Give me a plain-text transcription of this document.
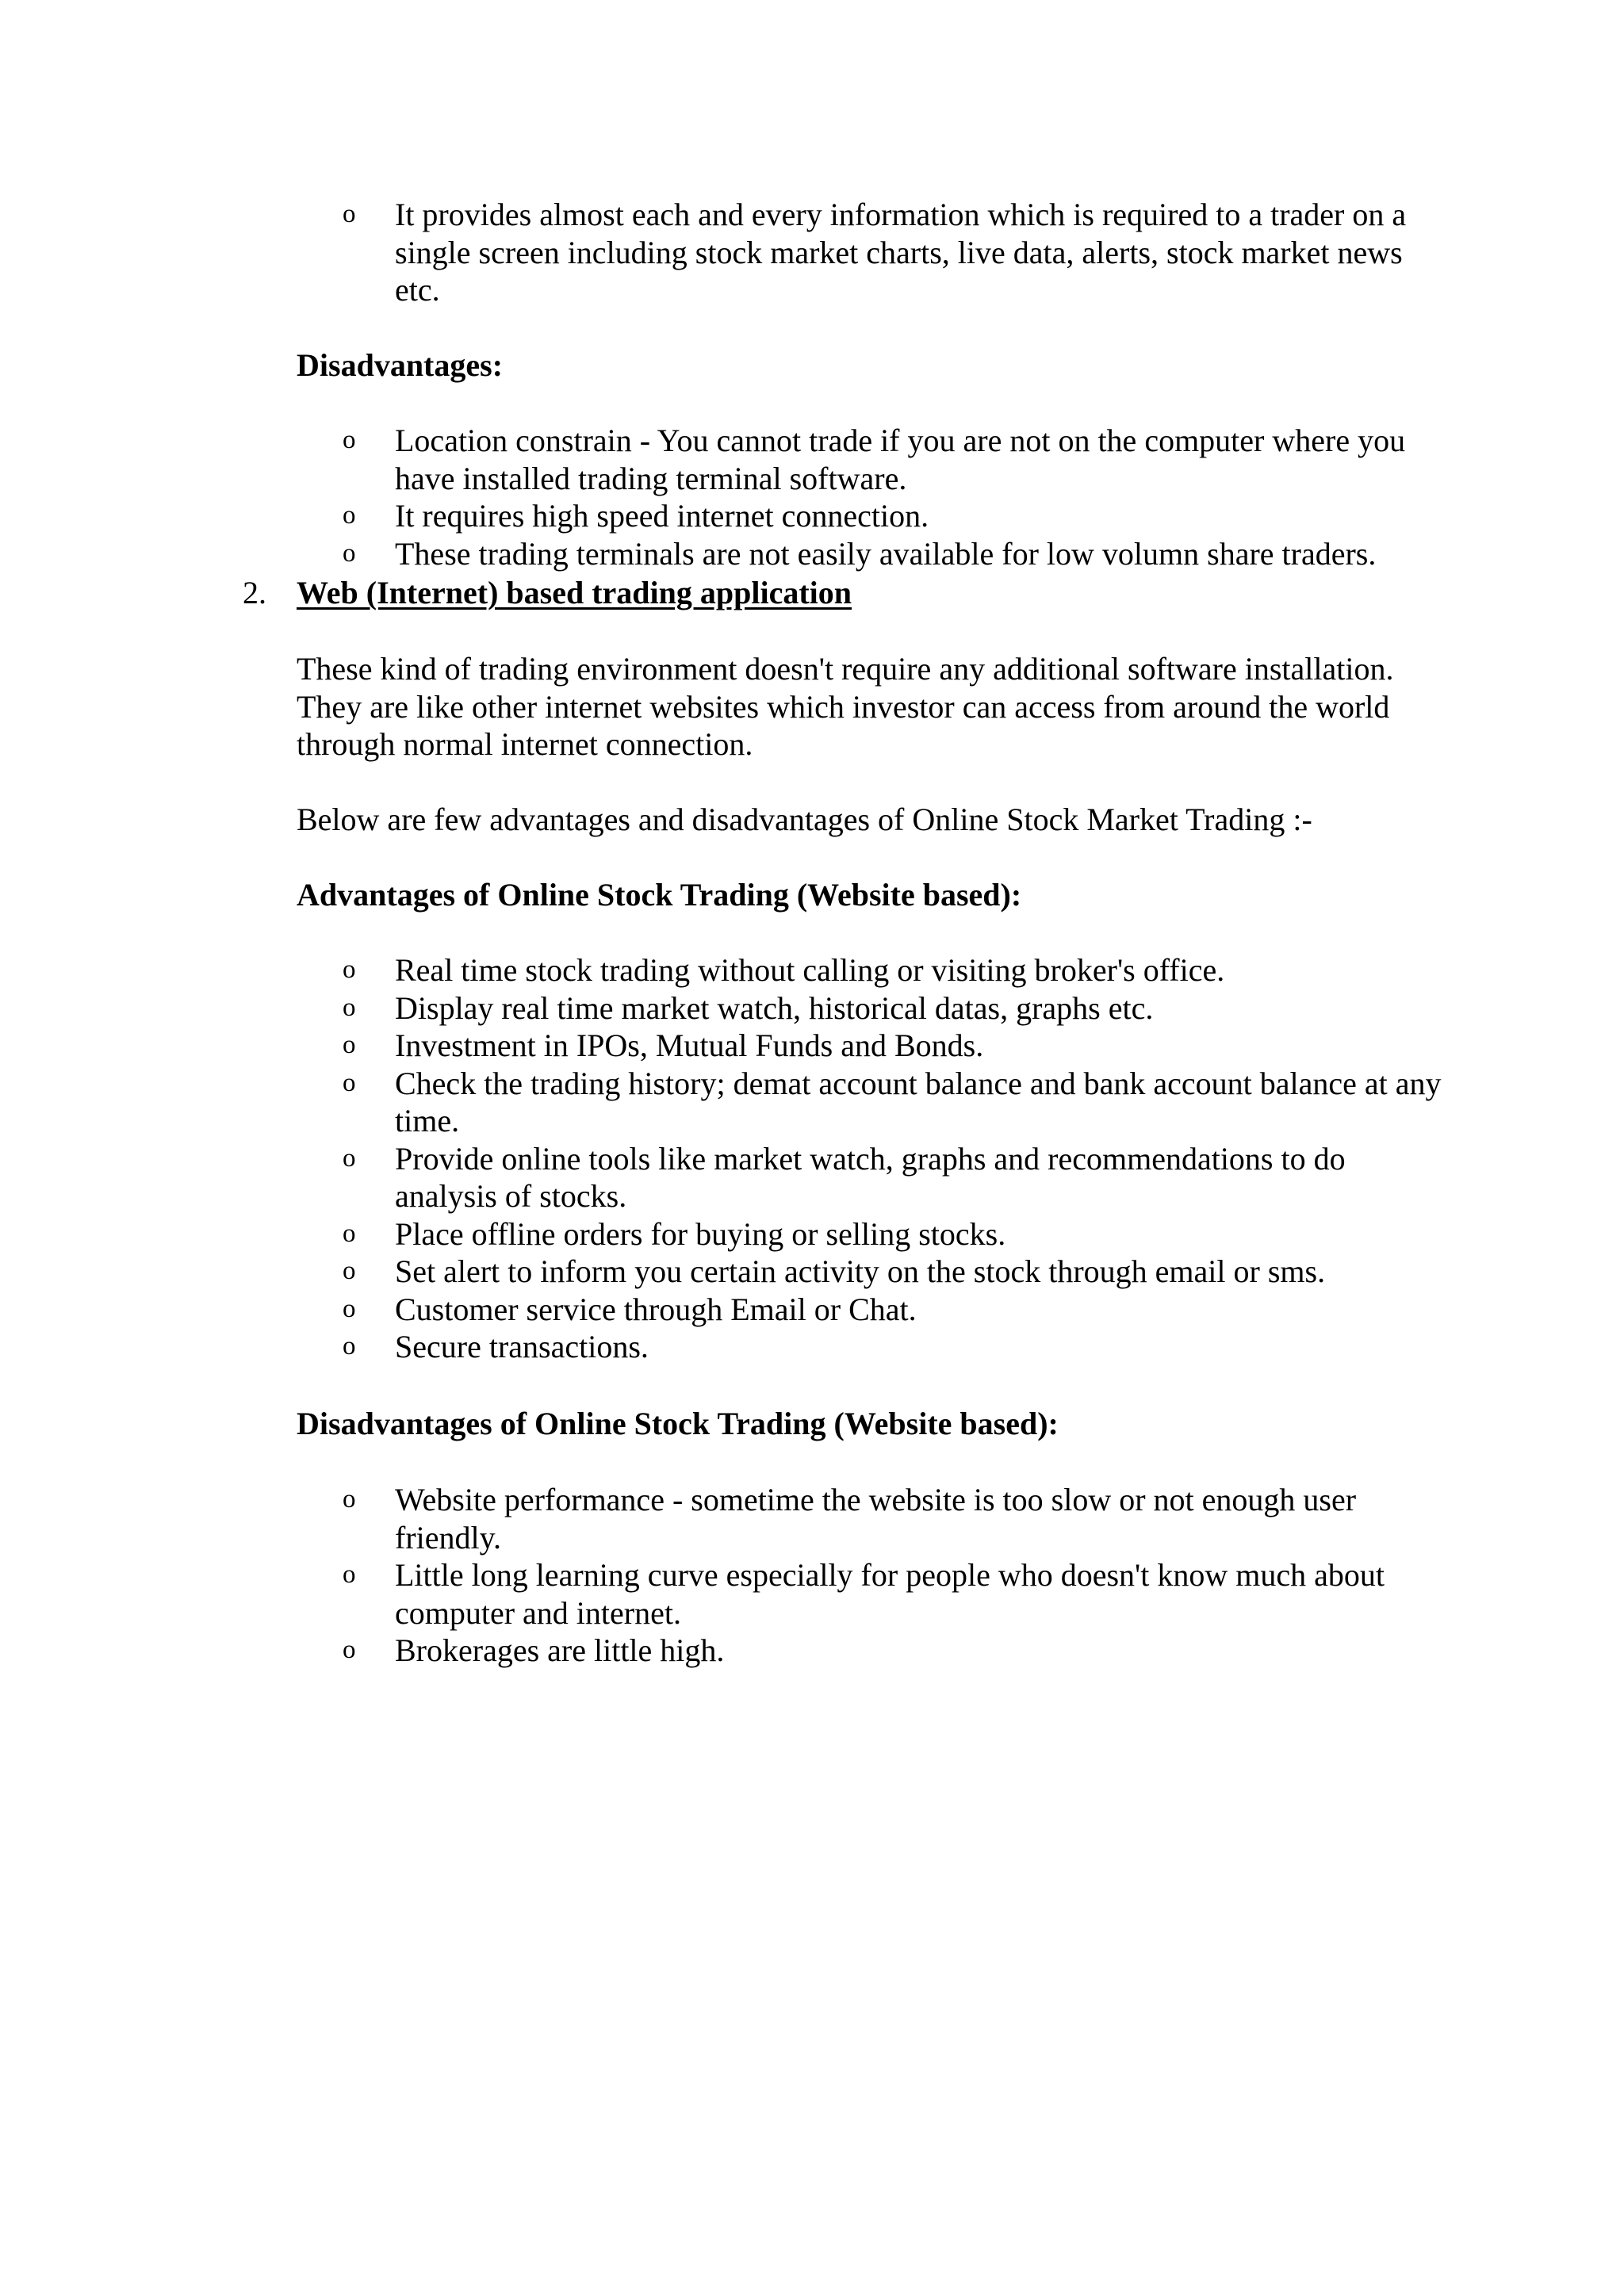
o It provides almost each and every information which is required to a trader on a single screen including stock market charts, live data, alerts, stock market news etc.
Disadvantages:
o Location constrain - You cannot trade if you are not on the computer where you have installed trading terminal software.
o It requires high speed internet connection.
o These trading terminals are not easily available for low volumn share traders.
2. Web (Internet) based trading application

These kind of trading environment doesn't require any additional software installation. They are like other internet websites which investor can access from around the world through normal internet connection.

Below are few advantages and disadvantages of Online Stock Market Trading :-

Advantages of Online Stock Trading (Website based):
o Real time stock trading without calling or visiting broker's office.
o Display real time market watch, historical datas, graphs etc.
o Investment in IPOs, Mutual Funds and Bonds.
o Check the trading history; demat account balance and bank account balance at any time.
o Provide online tools like market watch, graphs and recommendations to do analysis of stocks.
o Place offline orders for buying or selling stocks.
o Set alert to inform you certain activity on the stock through email or sms.
o Customer service through Email or Chat.
o Secure transactions.
Disadvantages of Online Stock Trading (Website based):
o Website performance - sometime the website is too slow or not enough user friendly.
o Little long learning curve especially for people who doesn't know much about computer and internet.
o Brokerages are little high.
